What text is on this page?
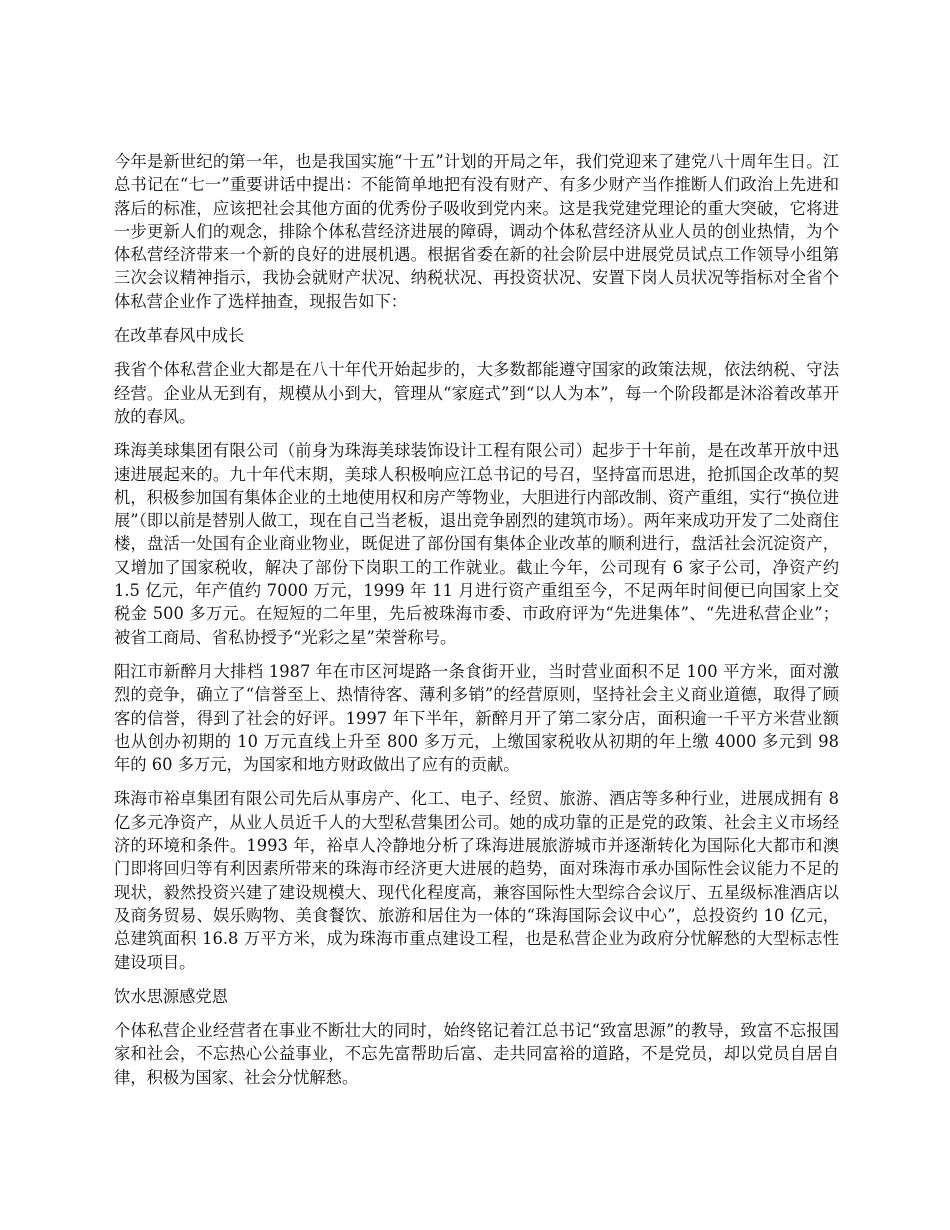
今年是新世纪的第一年，也是我国实施“十五”计划的开局之年，我们党迎来了建党八十周年生日。江总书记在“七一”重要讲话中提出：不能简单地把有没有财产、有多少财产当作推断人们政治上先进和落后的标准，应该把社会其他方面的优秀份子吸收到党内来。这是我党建党理论的重大突破，它将进一步更新人们的观念，排除个体私营经济进展的障碍，调动个体私营经济从业人员的创业热情，为个体私营经济带来一个新的良好的进展机遇。根据省委在新的社会阶层中进展党员试点工作领导小组第三次会议精神指示，我协会就财产状况、纳税状况、再投资状况、安置下岗人员状况等指标对全省个体私营企业作了选样抽查，现报告如下：

在改革春风中成长

我省个体私营企业大都是在八十年代开始起步的，大多数都能遵守国家的政策法规，依法纳税、守法经营。企业从无到有，规模从小到大，管理从“家庭式”到“以人为本”，每一个阶段都是沐浴着改革开放的春风。

珠海美球集团有限公司（前身为珠海美球装饰设计工程有限公司）起步于十年前，是在改革开放中迅速进展起来的。九十年代末期，美球人积极响应江总书记的号召，坚持富而思进，抢抓国企改革的契机，积极参加国有集体企业的土地使用权和房产等物业，大胆进行内部改制、资产重组，实行“换位进展”（即以前是替别人做工，现在自己当老板，退出竞争剧烈的建筑市场）。两年来成功开发了二处商住楼，盘活一处国有企业商业物业，既促进了部份国有集体企业改革的顺利进行，盘活社会沉淀资产，又增加了国家税收，解决了部份下岗职工的工作就业。截止今年，公司现有 6 家子公司，净资产约 1.5 亿元，年产值约 7000 万元，1999 年 11 月进行资产重组至今，不足两年时间便已向国家上交税金 500 多万元。在短短的二年里，先后被珠海市委、市政府评为“先进集体”、“先进私营企业”；被省工商局、省私协授予“光彩之星”荣誉称号。

阳江市新醉月大排档 1987 年在市区河堤路一条食街开业，当时营业面积不足 100 平方米，面对激烈的竞争，确立了“信誉至上、热情待客、薄利多销”的经营原则，坚持社会主义商业道德，取得了顾客的信誉，得到了社会的好评。1997 年下半年，新醉月开了第二家分店，面积逾一千平方米营业额也从创办初期的 10 万元直线上升至 800 多万元，上缴国家税收从初期的年上缴 4000 多元到 98 年的 60 多万元，为国家和地方财政做出了应有的贡献。

珠海市裕卓集团有限公司先后从事房产、化工、电子、经贸、旅游、酒店等多种行业，进展成拥有 8 亿多元净资产，从业人员近千人的大型私营集团公司。她的成功靠的正是党的政策、社会主义市场经济的环境和条件。1993 年，裕卓人冷静地分析了珠海进展旅游城市并逐渐转化为国际化大都市和澳门即将回归等有利因素所带来的珠海市经济更大进展的趋势，面对珠海市承办国际性会议能力不足的现状，毅然投资兴建了建设规模大、现代化程度高，兼容国际性大型综合会议厅、五星级标准酒店以及商务贸易、娱乐购物、美食餐饮、旅游和居住为一体的“珠海国际会议中心”，总投资约 10 亿元，总建筑面积 16.8 万平方米，成为珠海市重点建设工程，也是私营企业为政府分忧解愁的大型标志性建设项目。

饮水思源感党恩

个体私营企业经营者在事业不断壮大的同时，始终铭记着江总书记“致富思源”的教导，致富不忘报国家和社会，不忘热心公益事业，不忘先富帮助后富、走共同富裕的道路，不是党员，却以党员自居自律，积极为国家、社会分忧解愁。
